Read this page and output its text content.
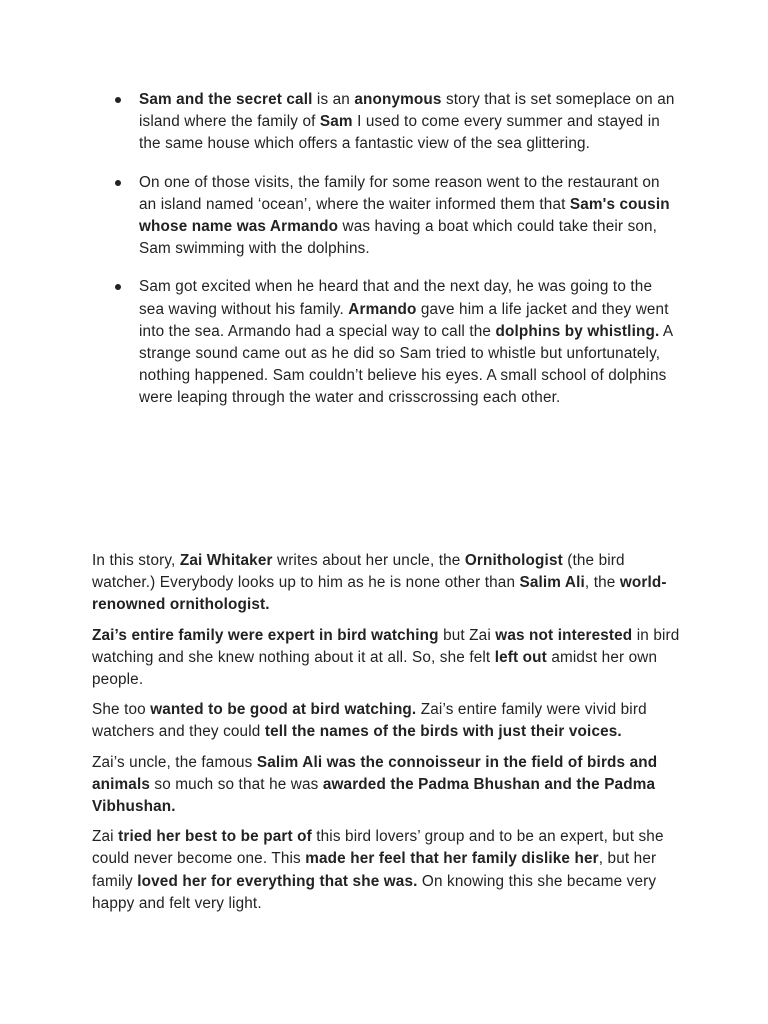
Sam and the secret call is an anonymous story that is set someplace on an island where the family of Sam I used to come every summer and stayed in the same house which offers a fantastic view of the sea glittering.
On one of those visits, the family for some reason went to the restaurant on an island named ‘ocean’, where the waiter informed them that Sam's cousin whose name was Armando was having a boat which could take their son, Sam swimming with the dolphins.
Sam got excited when he heard that and the next day, he was going to the sea waving without his family. Armando gave him a life jacket and they went into the sea. Armando had a special way to call the dolphins by whistling. A strange sound came out as he did so Sam tried to whistle but unfortunately, nothing happened. Sam couldn’t believe his eyes. A small school of dolphins were leaping through the water and crisscrossing each other.

In this story, Zai Whitaker writes about her uncle, the Ornithologist (the bird watcher.) Everybody looks up to him as he is none other than Salim Ali, the world-renowned ornithologist.

Zai’s entire family were expert in bird watching but Zai was not interested in bird watching and she knew nothing about it at all. So, she felt left out amidst her own people.

She too wanted to be good at bird watching. Zai’s entire family were vivid bird watchers and they could tell the names of the birds with just their voices.

Zai’s uncle, the famous Salim Ali was the connoisseur in the field of birds and animals so much so that he was awarded the Padma Bhushan and the Padma Vibhushan.

Zai tried her best to be part of this bird lovers’ group and to be an expert, but she could never become one. This made her feel that her family dislike her, but her family loved her for everything that she was. On knowing this she became very happy and felt very light.
